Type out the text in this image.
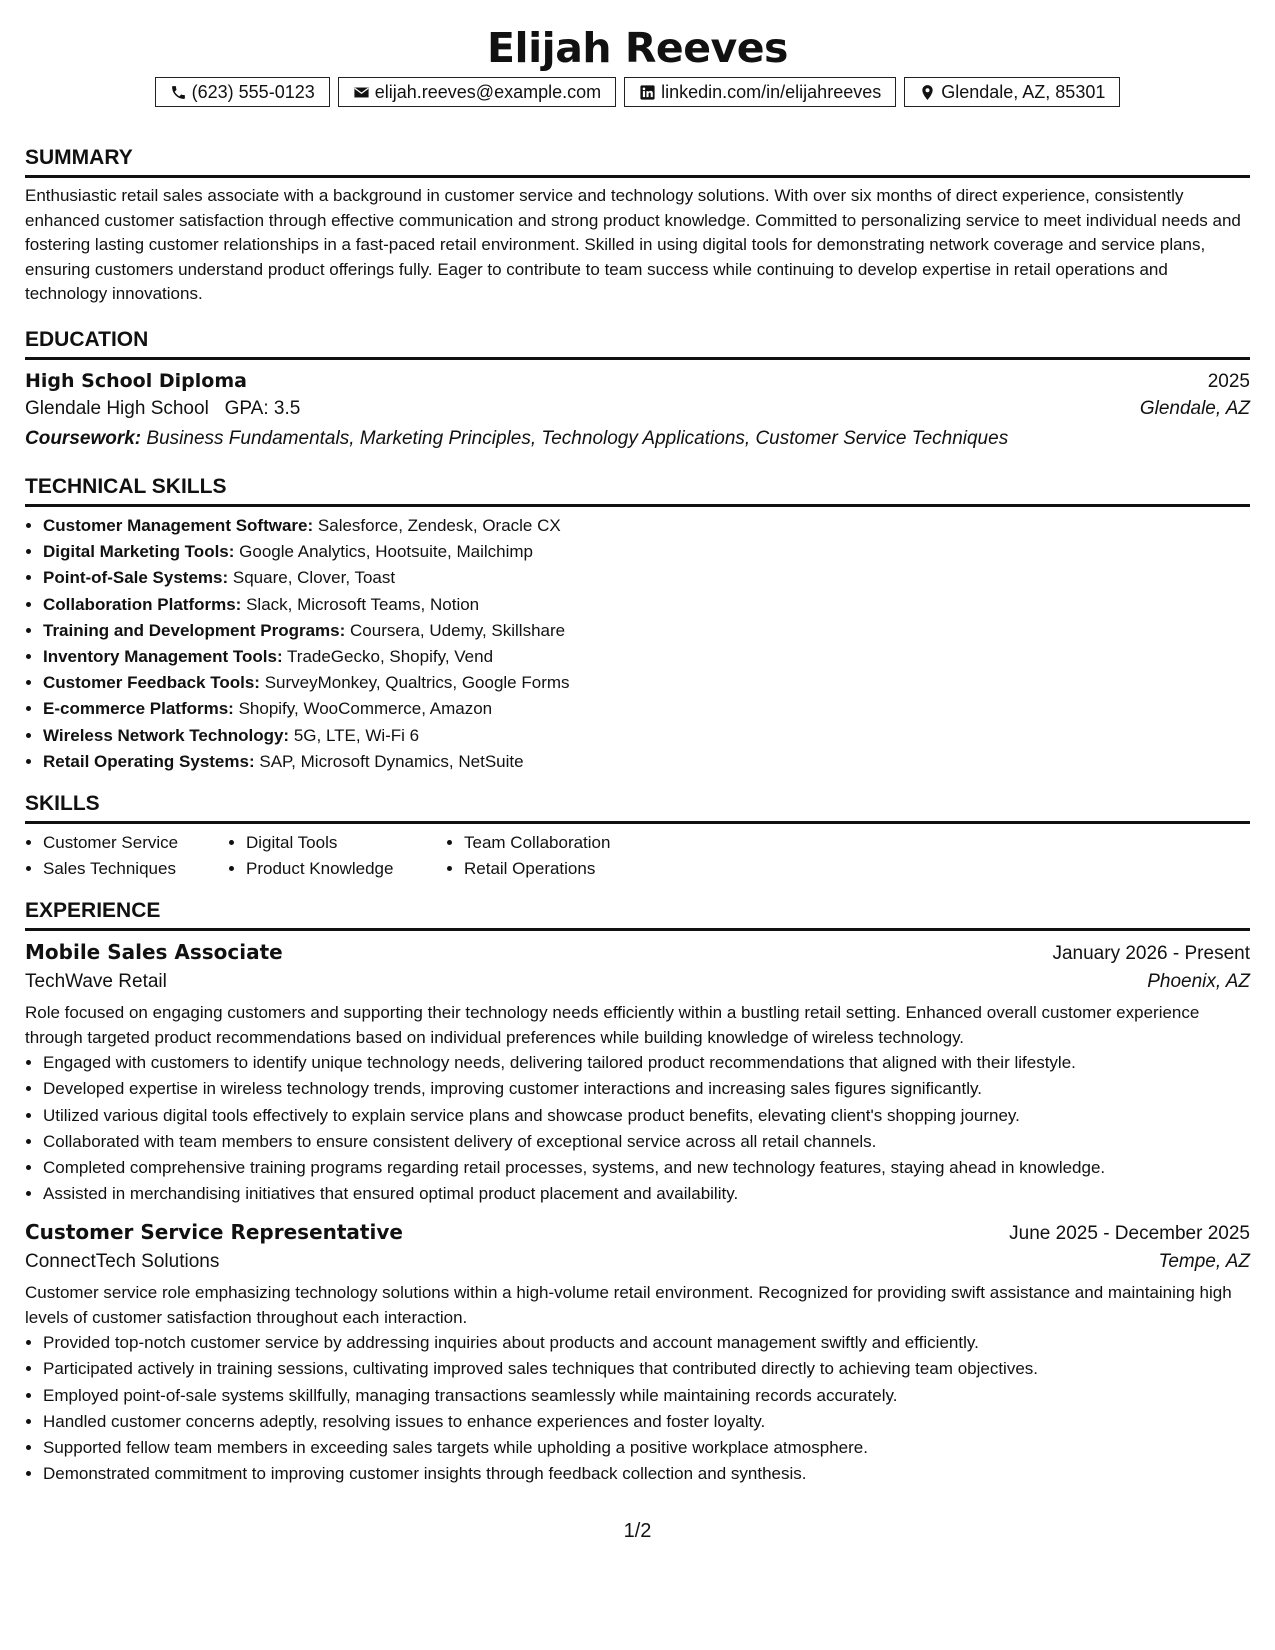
Elijah Reeves
(623) 555-0123	elijah.reeves@example.com	linkedin.com/in/elijahreeves	Glendale, AZ, 85301
SUMMARY
Enthusiastic retail sales associate with a background in customer service and technology solutions. With over six months of direct experience, consistently enhanced customer satisfaction through effective communication and strong product knowledge. Committed to personalizing service to meet individual needs and fostering lasting customer relationships in a fast-paced retail environment. Skilled in using digital tools for demonstrating network coverage and service plans, ensuring customers understand product offerings fully. Eager to contribute to team success while continuing to develop expertise in retail operations and technology innovations.
EDUCATION
High School Diploma	2025
Glendale High School GPA: 3.5	Glendale, AZ
Coursework: Business Fundamentals, Marketing Principles, Technology Applications, Customer Service Techniques
TECHNICAL SKILLS
• Customer Management Software: Salesforce, Zendesk, Oracle CX
• Digital Marketing Tools: Google Analytics, Hootsuite, Mailchimp
• Point-of-Sale Systems: Square, Clover, Toast
• Collaboration Platforms: Slack, Microsoft Teams, Notion
• Training and Development Programs: Coursera, Udemy, Skillshare
• Inventory Management Tools: TradeGecko, Shopify, Vend
• Customer Feedback Tools: SurveyMonkey, Qualtrics, Google Forms
• E-commerce Platforms: Shopify, WooCommerce, Amazon
• Wireless Network Technology: 5G, LTE, Wi-Fi 6
• Retail Operating Systems: SAP, Microsoft Dynamics, NetSuite
SKILLS
• Customer Service
• Sales Techniques
• Digital Tools
• Product Knowledge
• Team Collaboration
• Retail Operations
EXPERIENCE
Mobile Sales Associate	January 2026 - Present
TechWave Retail	Phoenix, AZ
Role focused on engaging customers and supporting their technology needs efficiently within a bustling retail setting. Enhanced overall customer experience through targeted product recommendations based on individual preferences while building knowledge of wireless technology.
• Engaged with customers to identify unique technology needs, delivering tailored product recommendations that aligned with their lifestyle.
• Developed expertise in wireless technology trends, improving customer interactions and increasing sales figures significantly.
• Utilized various digital tools effectively to explain service plans and showcase product benefits, elevating client's shopping journey.
• Collaborated with team members to ensure consistent delivery of exceptional service across all retail channels.
• Completed comprehensive training programs regarding retail processes, systems, and new technology features, staying ahead in knowledge.
• Assisted in merchandising initiatives that ensured optimal product placement and availability.
Customer Service Representative	June 2025 - December 2025
ConnectTech Solutions	Tempe, AZ
Customer service role emphasizing technology solutions within a high-volume retail environment. Recognized for providing swift assistance and maintaining high levels of customer satisfaction throughout each interaction.
• Provided top-notch customer service by addressing inquiries about products and account management swiftly and efficiently.
• Participated actively in training sessions, cultivating improved sales techniques that contributed directly to achieving team objectives.
• Employed point-of-sale systems skillfully, managing transactions seamlessly while maintaining records accurately.
• Handled customer concerns adeptly, resolving issues to enhance experiences and foster loyalty.
• Supported fellow team members in exceeding sales targets while upholding a positive workplace atmosphere.
• Demonstrated commitment to improving customer insights through feedback collection and synthesis.
1/2
